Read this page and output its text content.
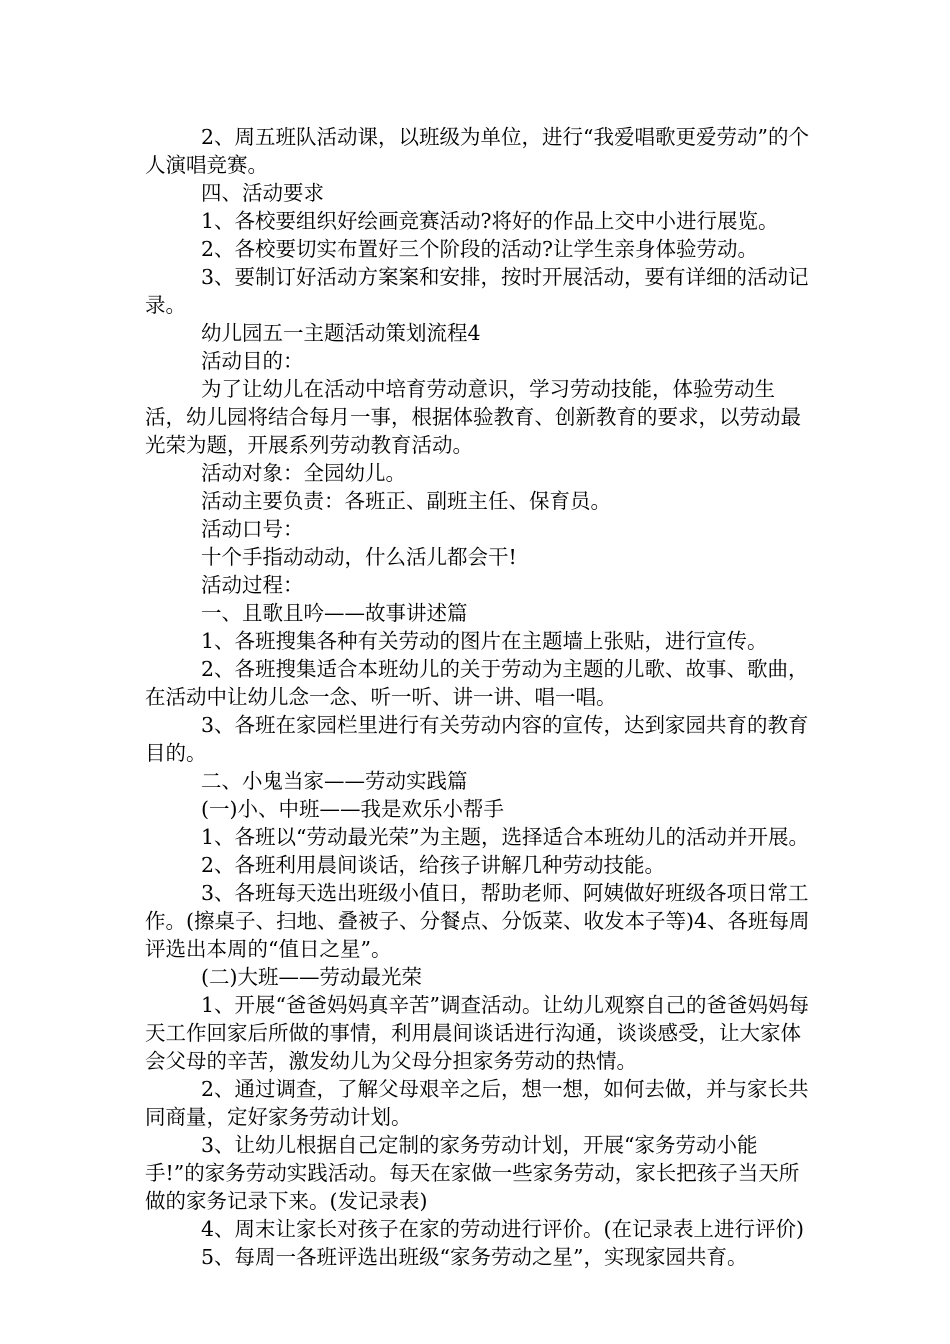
2、周五班队活动课，以班级为单位，进行“我爱唱歌更爱劳动”的个人演唱竞赛。

四、活动要求

1、各校要组织好绘画竞赛活动?将好的作品上交中小进行展览。

2、各校要切实布置好三个阶段的活动?让学生亲身体验劳动。

3、要制订好活动方案案和安排，按时开展活动，要有详细的活动记录。

幼儿园五一主题活动策划流程4

活动目的：

为了让幼儿在活动中培育劳动意识，学习劳动技能，体验劳动生活，幼儿园将结合每月一事，根据体验教育、创新教育的要求，以劳动最光荣为题，开展系列劳动教育活动。

活动对象：全园幼儿。

活动主要负责：各班正、副班主任、保育员。

活动口号：

十个手指动动动，什么活儿都会干!

活动过程：

一、且歌且吟——故事讲述篇

1、各班搜集各种有关劳动的图片在主题墙上张贴，进行宣传。

2、各班搜集适合本班幼儿的关于劳动为主题的儿歌、故事、歌曲，在活动中让幼儿念一念、听一听、讲一讲、唱一唱。

3、各班在家园栏里进行有关劳动内容的宣传，达到家园共育的教育目的。

二、小鬼当家——劳动实践篇

(一)小、中班——我是欢乐小帮手

1、各班以“劳动最光荣”为主题，选择适合本班幼儿的活动并开展。

2、各班利用晨间谈话，给孩子讲解几种劳动技能。

3、各班每天选出班级小值日，帮助老师、阿姨做好班级各项日常工作。(擦桌子、扫地、叠被子、分餐点、分饭菜、收发本子等)4、各班每周评选出本周的“值日之星”。

(二)大班——劳动最光荣

1、开展“爸爸妈妈真辛苦”调查活动。让幼儿观察自己的爸爸妈妈每天工作回家后所做的事情，利用晨间谈话进行沟通，谈谈感受，让大家体会父母的辛苦，激发幼儿为父母分担家务劳动的热情。

2、通过调查，了解父母艰辛之后，想一想，如何去做，并与家长共同商量，定好家务劳动计划。

3、让幼儿根据自己定制的家务劳动计划，开展“家务劳动小能手!”的家务劳动实践活动。每天在家做一些家务劳动，家长把孩子当天所做的家务记录下来。(发记录表)

4、周末让家长对孩子在家的劳动进行评价。(在记录表上进行评价)

5、每周一各班评选出班级“家务劳动之星”，实现家园共育。
